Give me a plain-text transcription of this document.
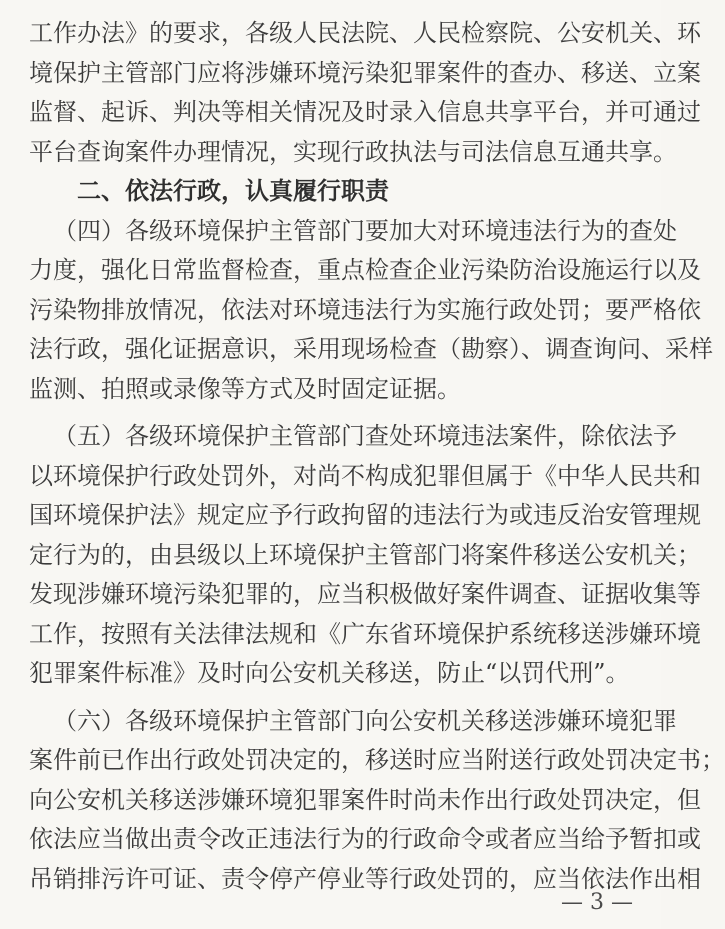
工作办法》的要求，各级人民法院、人民检察院、公安机关、环
境保护主管部门应将涉嫌环境污染犯罪案件的查办、移送、立案
监督、起诉、判决等相关情况及时录入信息共享平台，并可通过
平台查询案件办理情况，实现行政执法与司法信息互通共享。
二、依法行政，认真履行职责
（四）各级环境保护主管部门要加大对环境违法行为的查处
力度，强化日常监督检查，重点检查企业污染防治设施运行以及
污染物排放情况，依法对环境违法行为实施行政处罚；要严格依
法行政，强化证据意识，采用现场检查（勘察）、调查询问、采样
监测、拍照或录像等方式及时固定证据。
（五）各级环境保护主管部门查处环境违法案件，除依法予
以环境保护行政处罚外，对尚不构成犯罪但属于《中华人民共和
国环境保护法》规定应予行政拘留的违法行为或违反治安管理规
定行为的，由县级以上环境保护主管部门将案件移送公安机关；
发现涉嫌环境污染犯罪的，应当积极做好案件调查、证据收集等
工作，按照有关法律法规和《广东省环境保护系统移送涉嫌环境
犯罪案件标准》及时向公安机关移送，防止“以罚代刑”。
（六）各级环境保护主管部门向公安机关移送涉嫌环境犯罪
案件前已作出行政处罚决定的，移送时应当附送行政处罚决定书；
向公安机关移送涉嫌环境犯罪案件时尚未作出行政处罚决定，但
依法应当做出责令改正违法行为的行政命令或者应当给予暂扣或
吊销排污许可证、责令停产停业等行政处罚的，应当依法作出相
— 3 —
